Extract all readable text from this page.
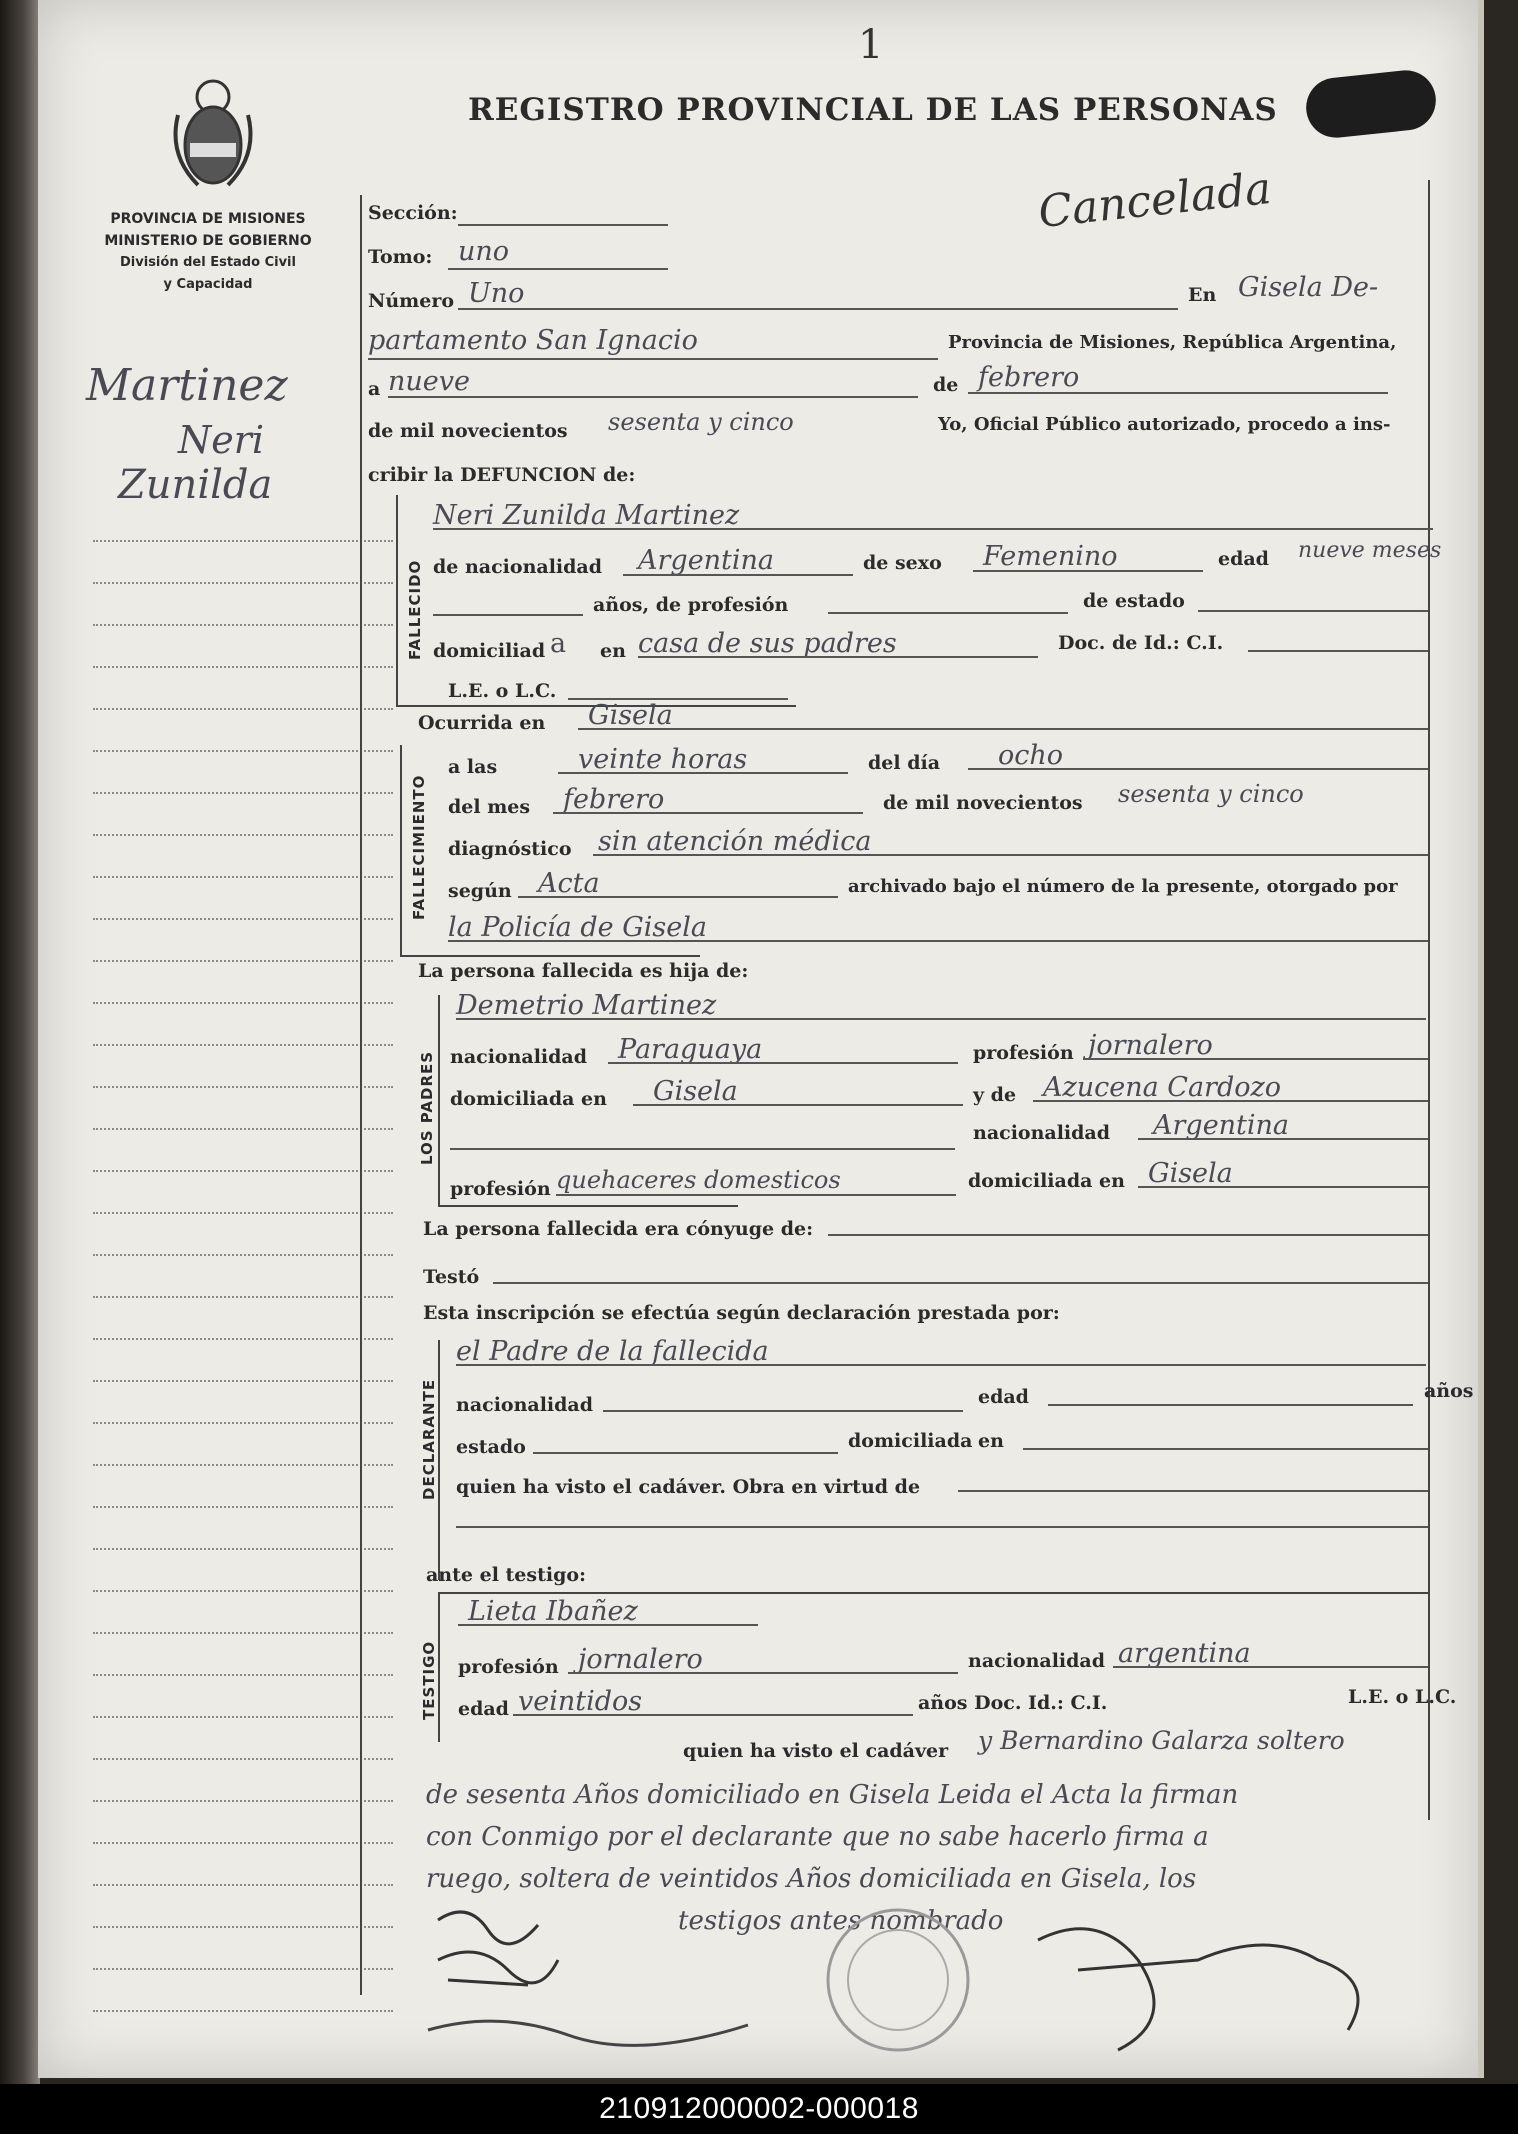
1
REGISTRO PROVINCIAL DE LAS PERSONAS
Cancelada
PROVINCIA DE MISIONES
MINISTERIO DE GOBIERNO
División del Estado Civil
y Capacidad
Martinez
Neri
Zunilda
Sección:
Tomo: uno
Número Uno	En Gisela De-
partamento San Ignacio	Provincia de Misiones, República Argentina,
a nueve	de febrero
de mil novecientos sesenta y cinco	Yo, Oficial Público autorizado, procedo a ins-
cribir la DEFUNCION de:
FALLECIDO
Neri Zunilda Martinez
de nacionalidad Argentina	de sexo Femenino	edad nueve meses
años, de profesión	de estado
domiciliad a en casa de sus padres	Doc. de Id.: C.I.
L.E. o L.C.
Ocurrida en Gisela
FALLECIMIENTO
a las	veinte horas	del día ocho
del mes febrero	de mil novecientos sesenta y cinco
diagnóstico sin atención médica
según Acta	archivado bajo el número de la presente, otorgado por
la Policía de Gisela
La persona fallecida es hija de:
LOS PADRES
Demetrio Martinez
nacionalidad Paraguaya	profesión jornalero
domiciliada en Gisela	y de Azucena Cardozo
nacionalidad Argentina
profesión quehaceres domesticos	domiciliada en Gisela
La persona fallecida era cónyuge de:
Testó
Esta inscripción se efectúa según declaración prestada por:
DECLARANTE
el Padre de la fallecida
nacionalidad	edad	años
estado	domiciliada en
quien ha visto el cadáver. Obra en virtud de
ante el testigo:
TESTIGO
Lieta Ibañez
profesión jornalero	nacionalidad argentina
edad veintidos	años Doc. Id.: C.I.	L.E. o L.C.
quien ha visto el cadáver y Bernardino Galarza soltero
de sesenta Años domiciliado en Gisela Leida el Acta la firman
con Conmigo por el declarante que no sabe hacerlo firma a
ruego, soltera de veintidos Años domiciliada en Gisela, los
testigos antes nombrado
210912000002-000018
